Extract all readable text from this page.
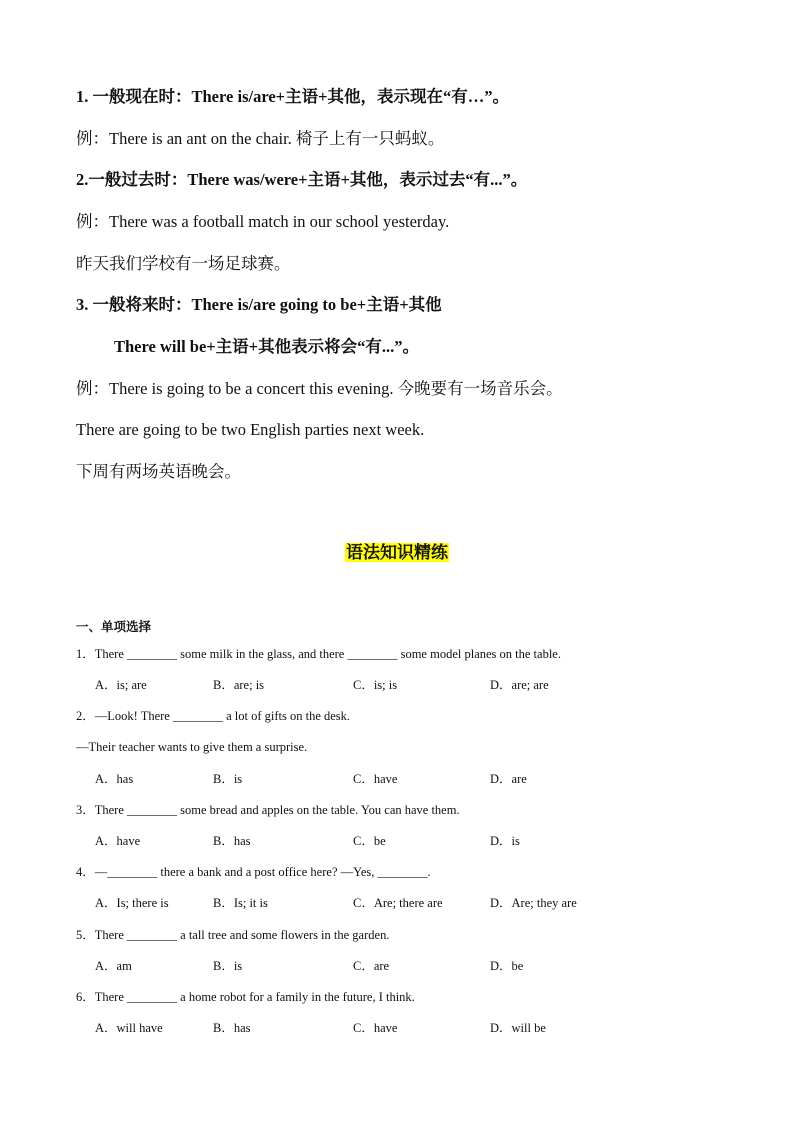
1. 一般现在时：There is/are+主语+其他，表示现在“有…”。
例：There is an ant on the chair. 椅子上有一只蚂蚁。
2.一般过去时：There was/were+主语+其他，表示过去“有...”。
例：There was a football match in our school yesterday.
昨天我们学校有一场足球赛。
3. 一般将来时：There is/are going to be+主语+其他
There will be+主语+其他表示将会“有...”。
例：There is going to be a concert this evening. 今晚要有一场音乐会。
There are going to be two English parties next week.
下周有两场英语晚会。
语法知识精练
一、单项选择
1．There ________ some milk in the glass, and there ________ some model planes on the table.
A．is; are	B．are; is	C．is; is	D．are; are
2．—Look! There ________ a lot of gifts on the desk.
—Their teacher wants to give them a surprise.
A．has	B．is	C．have	D．are
3．There ________ some bread and apples on the table. You can have them.
A．have	B．has	C．be	D．is
4．—________ there a bank and a post office here? —Yes, ________.
A．Is; there is	B．Is; it is	C．Are; there are	D．Are; they are
5．There ________ a tall tree and some flowers in the garden.
A．am	B．is	C．are	D．be
6．There ________ a home robot for a family in the future, I think.
A．will have	B．has	C．have	D．will be
